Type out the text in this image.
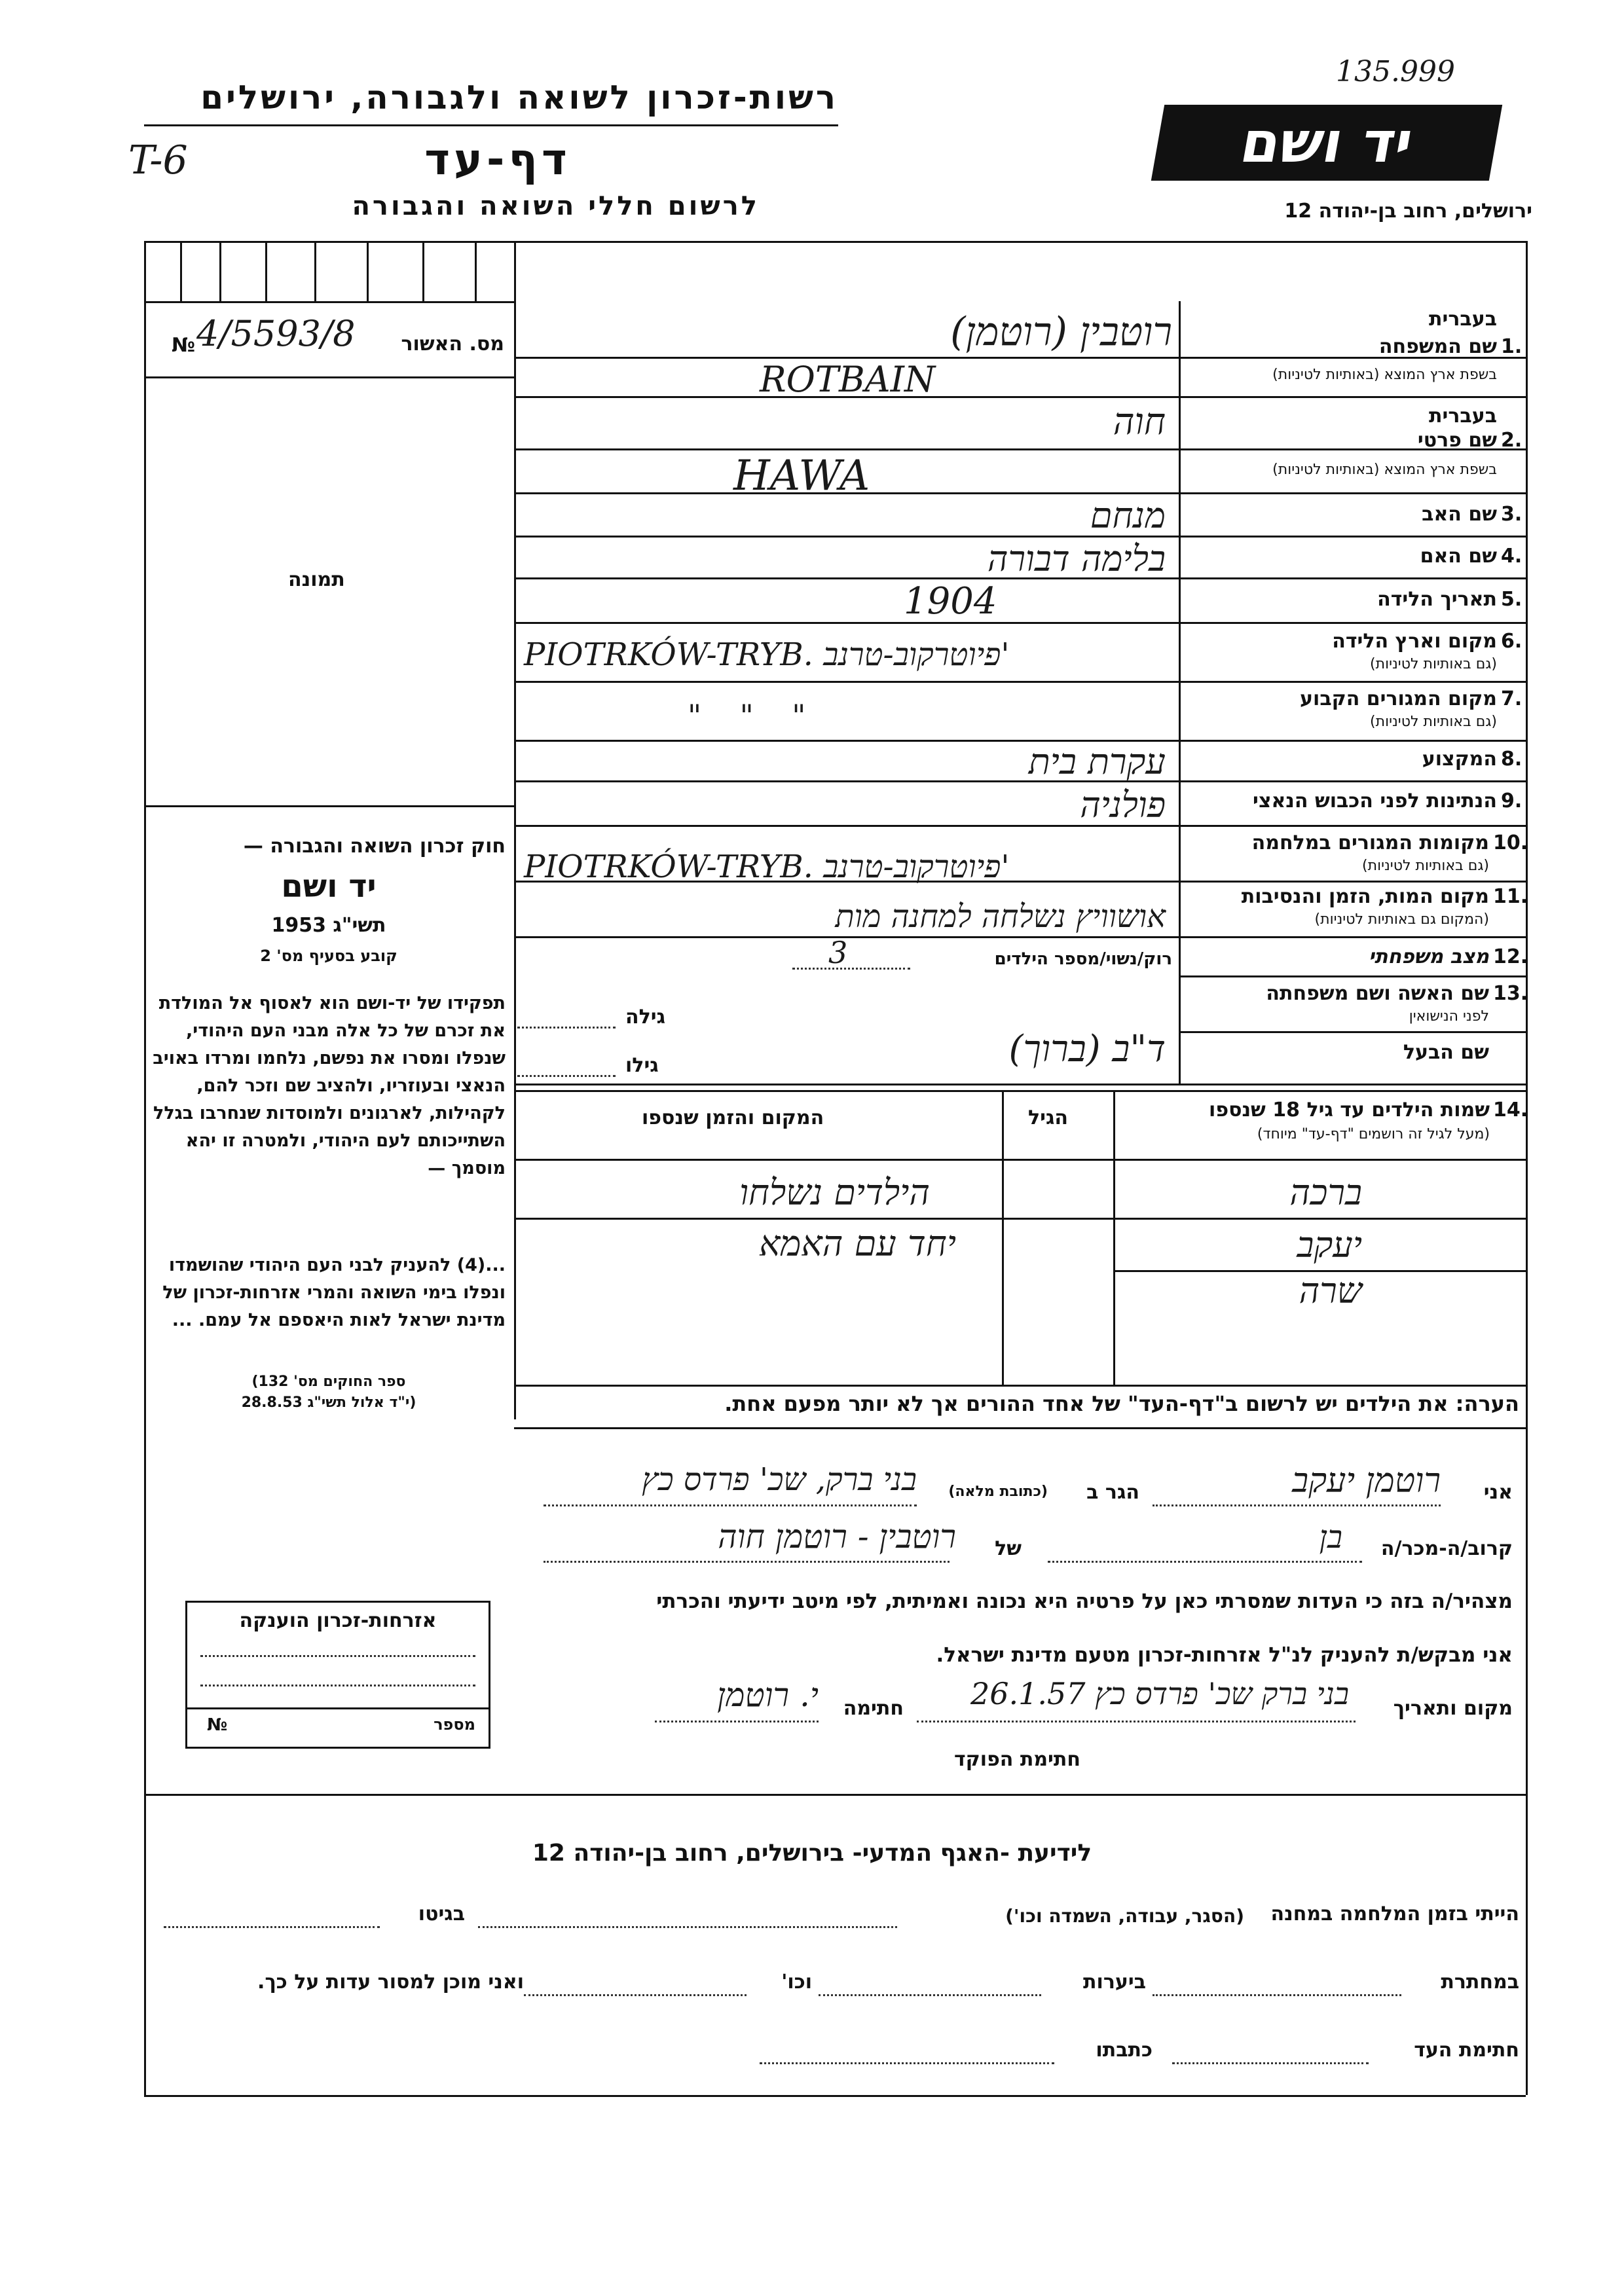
135.999
רשות-זכרון לשואה ולגבורה, ירושלים
T-6	דף-עד
לרשום חללי השואה והגבורה
יד ושם
ירושלים, רחוב בן-יהודה 12
מס. האשור
№ 4/5593/8
תמונה
1.
שם המשפחה
בעברית
בשפת ארץ המוצא (באותיות לטיניות)
רוטבין (רוטמן)
ROTBAIN
בעברית
2.
שם פרטי
בשפת ארץ המוצא (באותיות לטיניות)
חוה
HAWA
3.
שם האב
מנחם
4.
שם האם
בלימה דבורה
5.
תאריך הלידה
1904
6.
מקום וארץ הלידה
(גם באותיות לטיניות)
PIOTRKÓW-TRYB. פיוטרקוב-טרנב'
7.
מקום המגורים הקבוע
(גם באותיות לטיניות)
"    "    "
8.
המקצוע
עקרת בית
9.
הנתינות לפני הכבוש הנאצי
פולניה
10.
מקומות המגורים במלחמה
(גם באותיות לטיניות)
PIOTRKÓW-TRYB. פיוטרקוב-טרנב'
11.
מקום המות, הזמן והנסיבות
(המקום גם באותיות לטיניות)
אושוויץ נשלחה למחנה מות
12.
מצב משפחתי
רוק/נשוי/מספר הילדים
3
נשואה
13.
שם האשה ושם משפחתה
לפני הנישואין
גילה
שם הבעל
ד"ב (ברוך)
גילו
חוק זכרון השואה והגבורה —
יד ושם
תשי"ג 1953
קובע בסעיף מס' 2
תפקידו של יד-ושם הוא לאסוף אל המולדת את זכרם של כל אלה מבני העם היהודי, שנפלו ומסרו את נפשם, נלחמו ומרדו באויב הנאצי ובעוזריו, ולהציב שם וזכר להם, לקהילות, לארגונים ולמוסדות שנחרבו בגלל השתייכותם לעם היהודי, ולמטרה זו יהא מוסמך —
...(4) להעניק לבני העם היהודי שהושמדו ונפלו בימי השואה והמרי אזרחות-זכרון של מדינת ישראל לאות היאספם אל עמם. ...
(ספר החוקים מס' 132
י"ד אלול תשי"ג 28.8.53)
14.
שמות הילדים עד גיל 18 שנספו
(מעל לגיל זה רושמים "דף-עד" מיוחד)
הגיל
המקום והזמן שנספו
ברכה
הילדים נשלחו
יעקב
יחד עם האמא
שרה
הערה: את הילדים יש לרשום ב"דף-העד" של אחד ההורים אך לא יותר מפעם אחת.
אני
רוטמן יעקב
הגר ב
(כתובת מלאה)
בני ברק, שכ' פרדס כץ
קרוב/ה-מכר/ה
בן
של
רוטבין - רוטמן חוה
מצהיר/ה בזה כי העדות שמסרתי כאן על פרטיה היא נכונה ואמיתית, לפי מיטב ידיעתי והכרתי
אני מבקש/ת להעניק לנ"ל אזרחות-זכרון מטעם מדינת ישראל.
מקום ותאריך
בני ברק שכ' פרדס כץ 26.1.57
חתימה
י. רוטמן
חתימת הפוקד
אזרחות-זכרון הוענקה
מספר
№
לידיעת -האגף המדעי- בירושלים, רחוב בן-יהודה 12
הייתי בזמן המלחמה במחנה
(הסגר, עבודה, השמדה וכו')
בגיטו
במחתרת
ביערות
וכו'
ואני מוכן למסור עדות על כך.
חתימת העד
כתבתו
